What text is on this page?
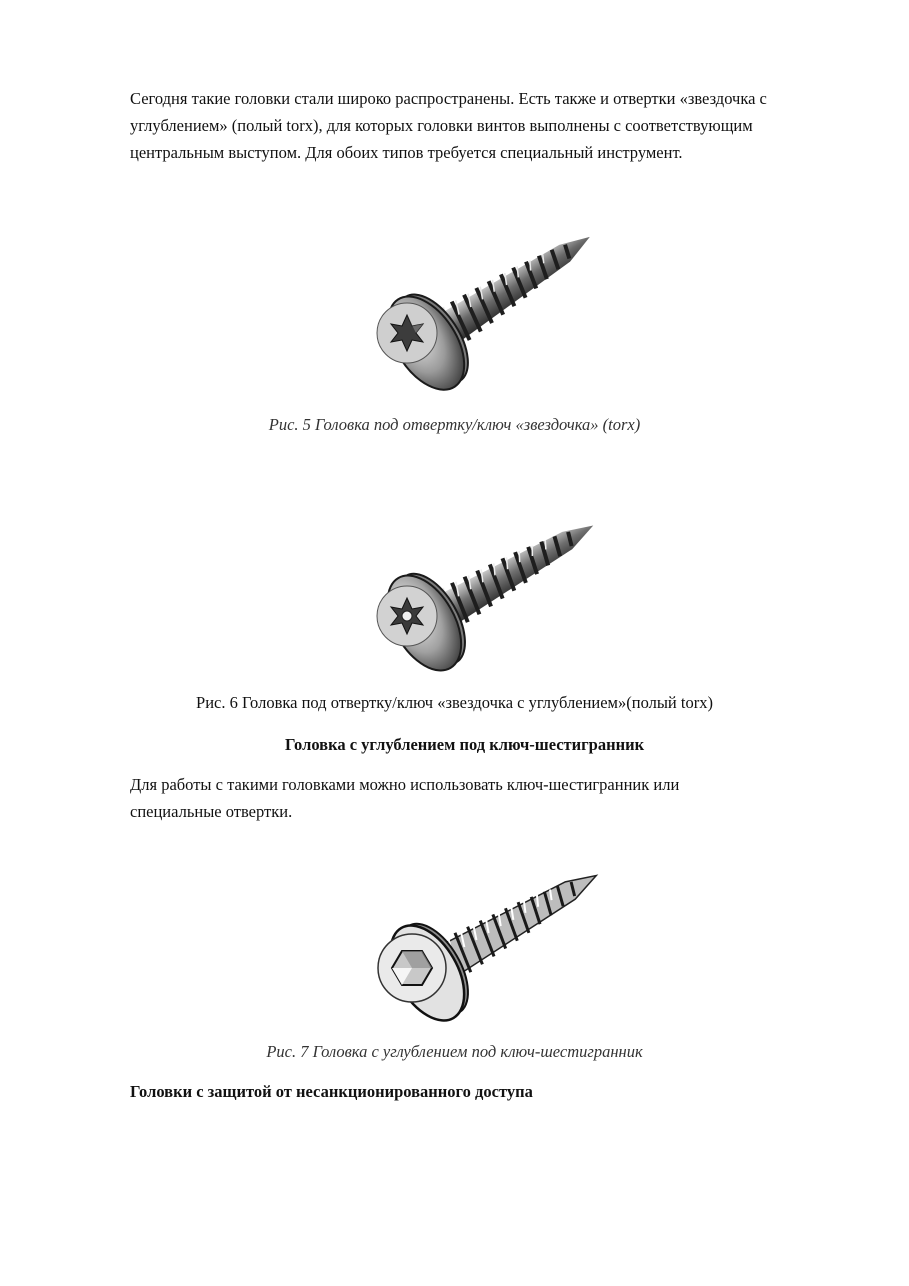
Сегодня такие головки стали широко распространены. Есть также и отвертки «звездочка с
углублением» (полый torx), для которых головки винтов выполнены с соответствующим
центральным выступом. Для обоих типов требуется специальный инструмент.

Рис. 5 Головка под отвертку/ключ «звездочка» (torx)

Рис. 6 Головка под отвертку/ключ «звездочка с углублением»(полый torx)

Головка с углублением под ключ-шестигранник

Для работы с такими головками можно использовать ключ-шестигранник или
специальные отвертки.

Рис. 7 Головка с углублением под ключ-шестигранник

Головки с защитой от несанкционированного доступа
